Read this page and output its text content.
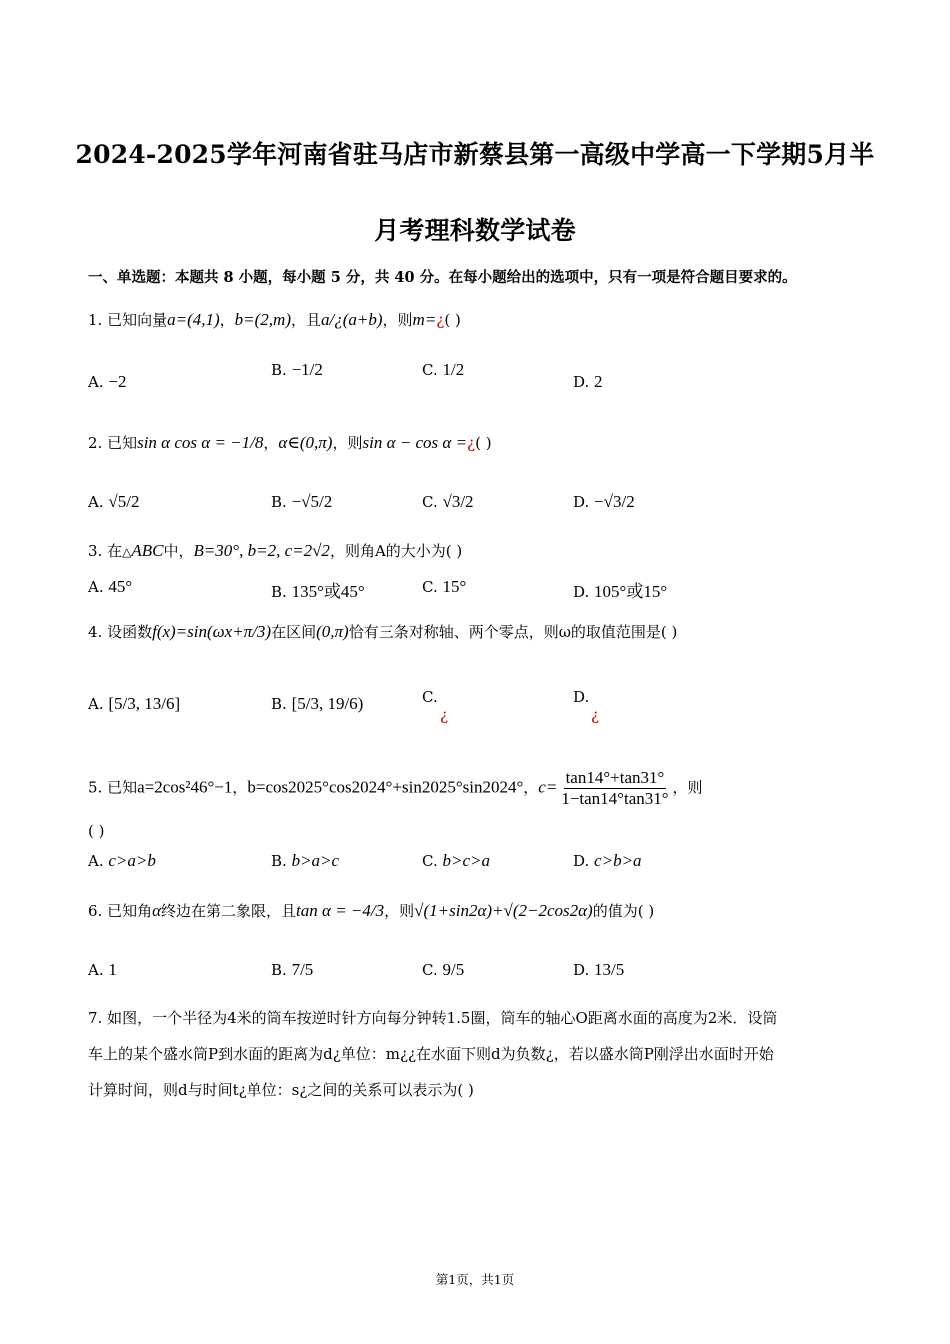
2024-2025学年河南省驻马店市新蔡县第一高级中学高一下学期5月半
月考理科数学试卷
一、单选题：本题共 8 小题，每小题 5 分，共 40 分。在每小题给出的选项中，只有一项是符合题目要求的。
1. 已知向量a=(4,1)，b=(2,m)，且a/¿(a+b)，则m=¿( )
A. −2
B. −1/2	C. 1/2
D. 2
2. 已知sin α cos α = −1/8，α∈(0,π)，则sin α − cos α =¿( )
A. √5/2	B. −√5/2	C. √3/2	D. −√3/2
3. 在△ABC中，B=30°, b=2, c=2√2，则角A的大小为( )
A. 45°	B. 135°或45°	C. 15°	D. 105°或15°
4. 设函数f(x)=sin(ωx+π/3)在区间(0,π)恰有三条对称轴、两个零点，则ω的取值范围是( )
A. [5/3, 13/6]	B. [5/3, 19/6)	C.
¿
D.
¿
5. 已知a=2cos²46°−1，b=cos2025°cos2024°+sin2025°sin2024°，$c= \frac{\tan 14^\circ+\tan 31^\circ}{1-\tan 14^\circ\tan 31^\circ}$ ，则
( )
A. c>a>b	B. b>a>c	C. b>c>a	D. c>b>a
6. 已知角α终边在第二象限，且tan α = −4/3，则√(1+sin2α)+√(2−2cos2α)的值为( )
A. 1	B. 7/5	C. 9/5	D. 13/5
7. 如图，一个半径为4米的筒车按逆时针方向每分钟转1.5圈，筒车的轴心O距离水面的高度为2米．设筒
车上的某个盛水筒P到水面的距离为d¿单位：m¿¿在水面下则d为负数¿，若以盛水筒P刚浮出水面时开始
计算时间，则d与时间t¿单位：s¿之间的关系可以表示为( )
第1页，共1页
